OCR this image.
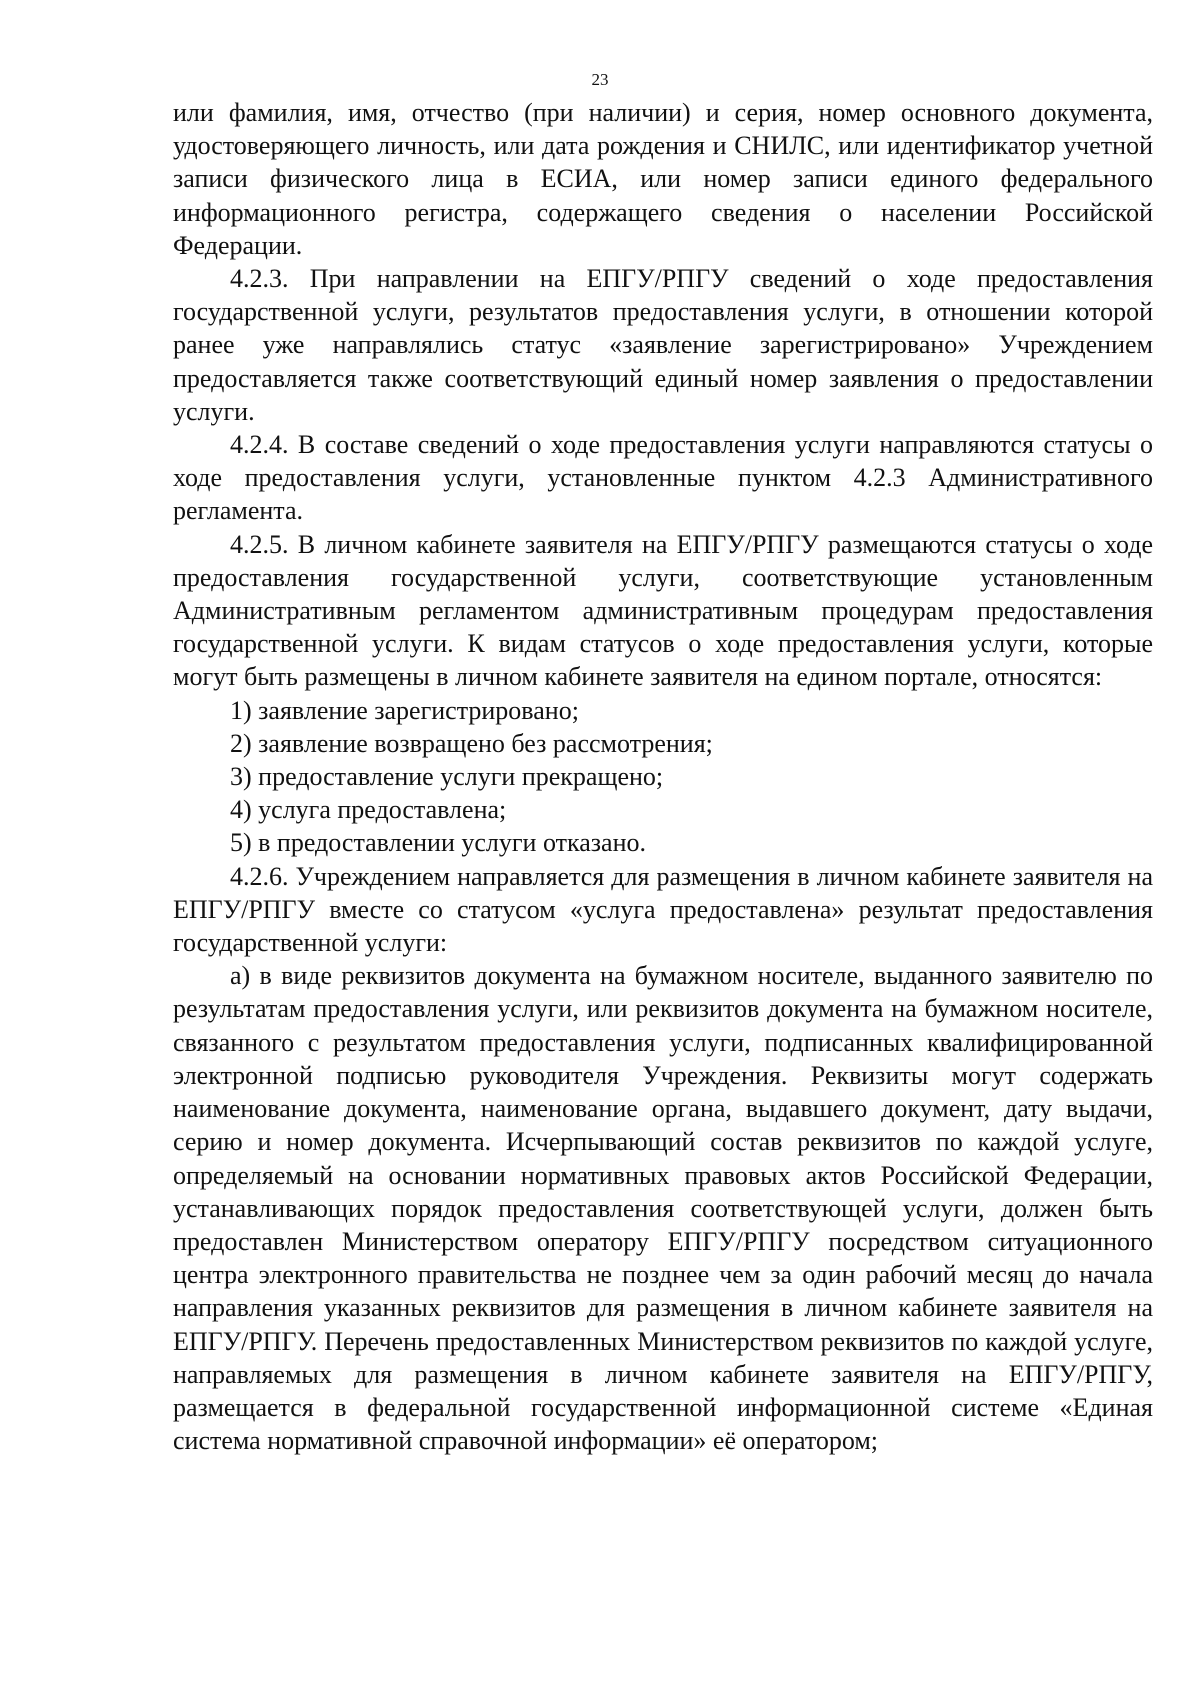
23

или фамилия, имя, отчество (при наличии) и серия, номер основного документа, удостоверяющего личность, или дата рождения и СНИЛС, или идентификатор учетной записи физического лица в ЕСИА, или номер записи единого федерального информационного регистра, содержащего сведения о населении Российской Федерации.

4.2.3. При направлении на ЕПГУ/РПГУ сведений о ходе предоставления государственной услуги, результатов предоставления услуги, в отношении которой ранее уже направлялись статус «заявление зарегистрировано» Учреждением предоставляется также соответствующий единый номер заявления о предоставлении услуги.

4.2.4. В составе сведений о ходе предоставления услуги направляются статусы о ходе предоставления услуги, установленные пунктом 4.2.3 Административного регламента.

4.2.5. В личном кабинете заявителя на ЕПГУ/РПГУ размещаются статусы о ходе предоставления государственной услуги, соответствующие установленным Административным регламентом административным процедурам предоставления государственной услуги. К видам статусов о ходе предоставления услуги, которые могут быть размещены в личном кабинете заявителя на едином портале, относятся:

1) заявление зарегистрировано;

2) заявление возвращено без рассмотрения;

3) предоставление услуги прекращено;

4) услуга предоставлена;

5) в предоставлении услуги отказано.

4.2.6. Учреждением направляется для размещения в личном кабинете заявителя на ЕПГУ/РПГУ вместе со статусом «услуга предоставлена» результат предоставления государственной услуги:

а) в виде реквизитов документа на бумажном носителе, выданного заявителю по результатам предоставления услуги, или реквизитов документа на бумажном носителе, связанного с результатом предоставления услуги, подписанных квалифицированной электронной подписью руководителя Учреждения. Реквизиты могут содержать наименование документа, наименование органа, выдавшего документ, дату выдачи, серию и номер документа. Исчерпывающий состав реквизитов по каждой услуге, определяемый на основании нормативных правовых актов Российской Федерации, устанавливающих порядок предоставления соответствующей услуги, должен быть предоставлен Министерством оператору ЕПГУ/РПГУ посредством ситуационного центра электронного правительства не позднее чем за один рабочий месяц до начала направления указанных реквизитов для размещения в личном кабинете заявителя на ЕПГУ/РПГУ. Перечень предоставленных Министерством реквизитов по каждой услуге, направляемых для размещения в личном кабинете заявителя на ЕПГУ/РПГУ, размещается в федеральной государственной информационной системе «Единая система нормативной справочной информации» её оператором;
